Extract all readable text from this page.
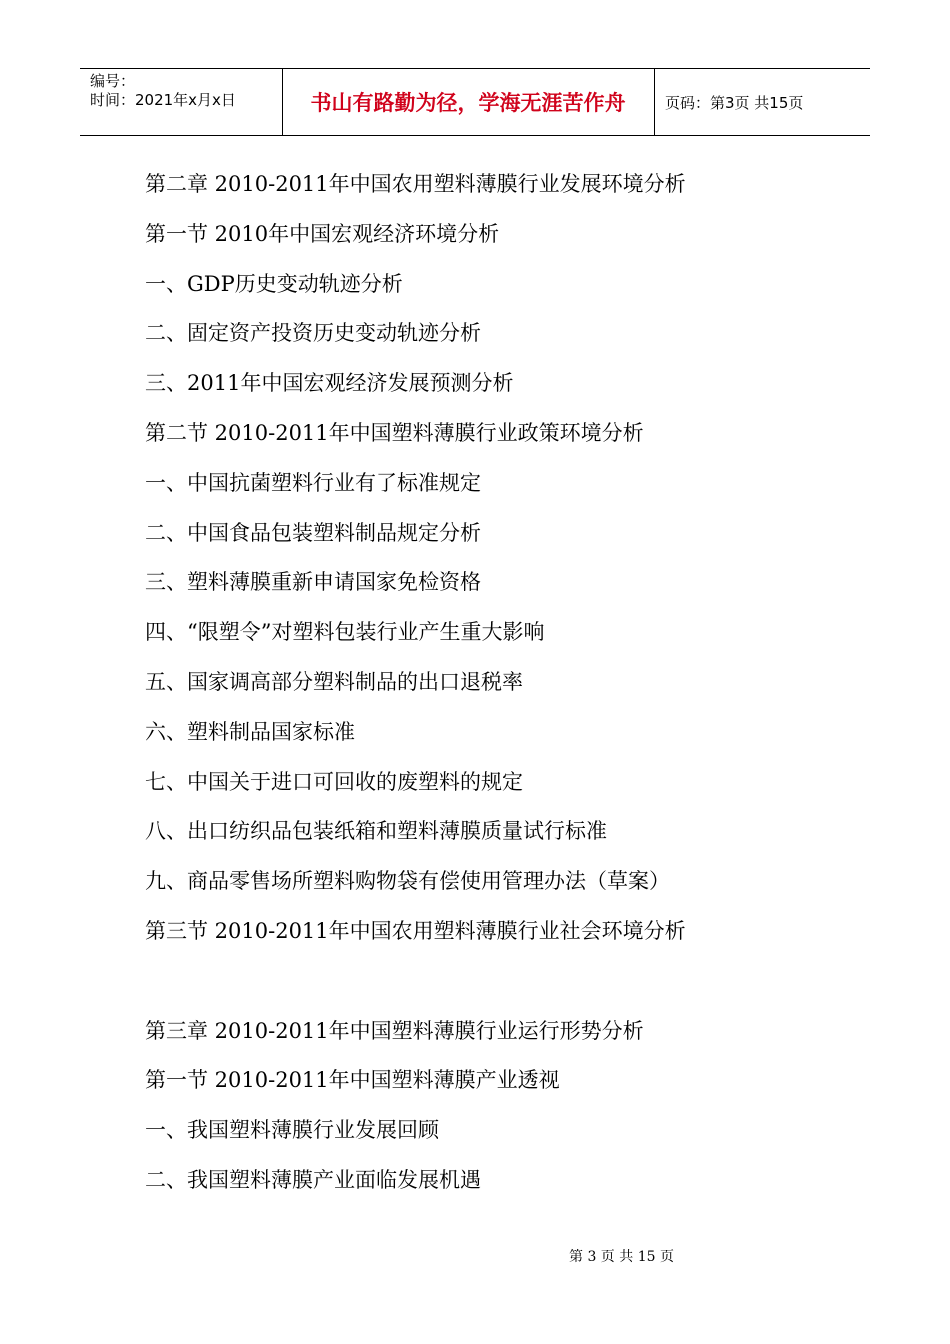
编号：
时间：2021年x月x日	书山有路勤为径，学海无涯苦作舟	页码：第3页 共15页
第二章 2010-2011年中国农用塑料薄膜行业发展环境分析
第一节 2010年中国宏观经济环境分析
一、GDP历史变动轨迹分析
二、固定资产投资历史变动轨迹分析
三、2011年中国宏观经济发展预测分析
第二节 2010-2011年中国塑料薄膜行业政策环境分析
一、中国抗菌塑料行业有了标准规定
二、中国食品包装塑料制品规定分析
三、塑料薄膜重新申请国家免检资格
四、“限塑令”对塑料包装行业产生重大影响
五、国家调高部分塑料制品的出口退税率
六、塑料制品国家标准
七、中国关于进口可回收的废塑料的规定
八、出口纺织品包装纸箱和塑料薄膜质量试行标准
九、商品零售场所塑料购物袋有偿使用管理办法（草案）
第三节 2010-2011年中国农用塑料薄膜行业社会环境分析
第三章 2010-2011年中国塑料薄膜行业运行形势分析
第一节 2010-2011年中国塑料薄膜产业透视
一、我国塑料薄膜行业发展回顾
二、我国塑料薄膜产业面临发展机遇
第 3 页 共 15 页
